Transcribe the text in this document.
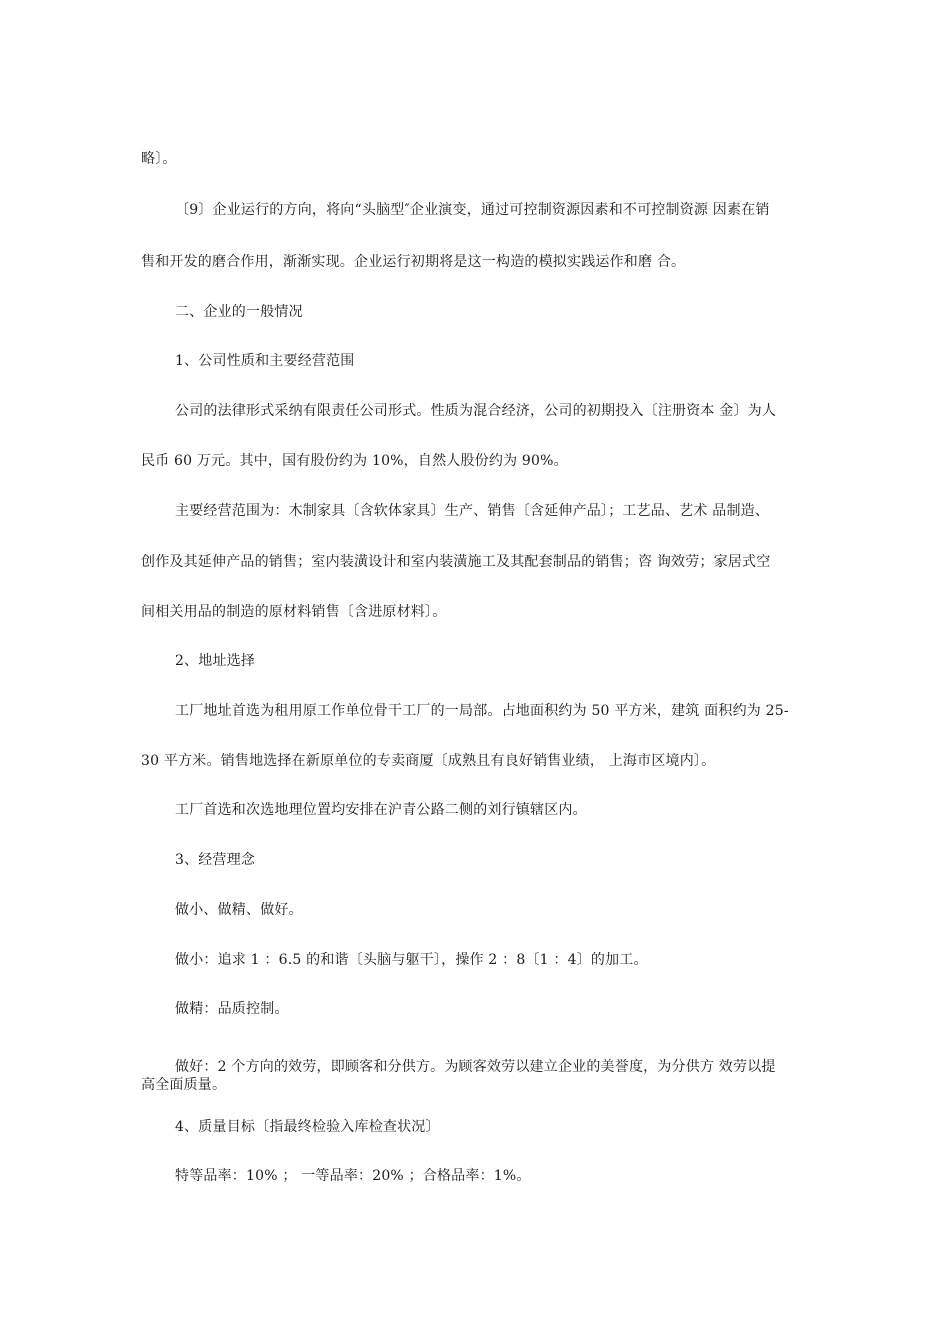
略〕。
〔9〕企业运行的方向，将向“头脑型″企业演变，通过可控制资源因素和不可控制资源 因素在销
售和开发的磨合作用，渐渐实现。企业运行初期将是这一构造的模拟实践运作和磨 合。
二、企业的一般情况
1、公司性质和主要经营范围
公司的法律形式采纳有限责任公司形式。性质为混合经济，公司的初期投入〔注册资本 金〕为人
民币 60 万元。其中，国有股份约为 10%，自然人股份约为 90%。
主要经营范围为：木制家具〔含软体家具〕生产、销售〔含延伸产品〕；工艺品、艺术 品制造、
创作及其延伸产品的销售；室内装潢设计和室内装潢施工及其配套制品的销售；咨 询效劳；家居式空
间相关用品的制造的原材料销售〔含进原材料〕。
2、地址选择
工厂地址首选为租用原工作单位骨干工厂的一局部。占地面积约为 50 平方米，建筑 面积约为 25-
30 平方米。销售地选择在新原单位的专卖商厦〔成熟且有良好销售业绩， 上海市区境内〕。
工厂首选和次选地理位置均安排在沪青公路二侧的刘行镇辖区内。
3、经营理念
做小、做精、做好。
做小：追求 1 ：6.5 的和谐〔头脑与躯干〕，操作 2 ：8〔1 ：4〕的加工。
做精：品质控制。
做好：2 个方向的效劳，即顾客和分供方。为顾客效劳以建立企业的美誉度，为分供方 效劳以提
高全面质量。
4、质量目标〔指最终检验入库检查状况〕
特等品率：10% ； 一等品率：20% ；合格品率：1%。
